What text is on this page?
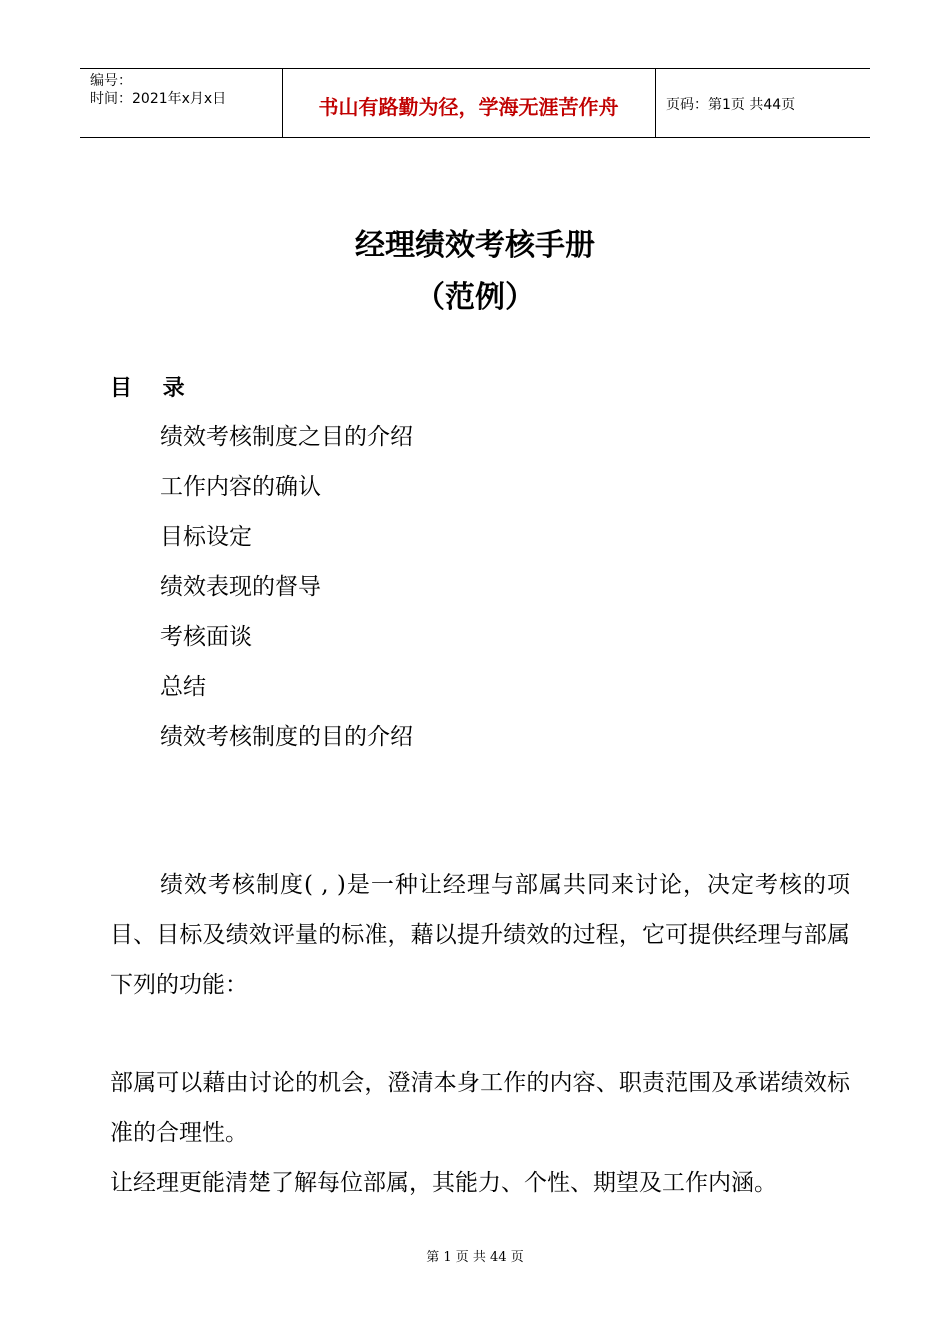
编号：
时间：2021年x月x日	书山有路勤为径，学海无涯苦作舟	页码：第1页 共44页
经理绩效考核手册
（范例）
目    录
绩效考核制度之目的介绍
工作内容的确认
目标设定
绩效表现的督导
考核面谈
总结
绩效考核制度的目的介绍

绩效考核制度( , )是一种让经理与部属共同来讨论，决定考核的项目、目标及绩效评量的标准，藉以提升绩效的过程，它可提供经理与部属下列的功能：

部属可以藉由讨论的机会，澄清本身工作的内容、职责范围及承诺绩效标准的合理性。

让经理更能清楚了解每位部属，其能力、个性、期望及工作内涵。

第 1 页 共 44 页
